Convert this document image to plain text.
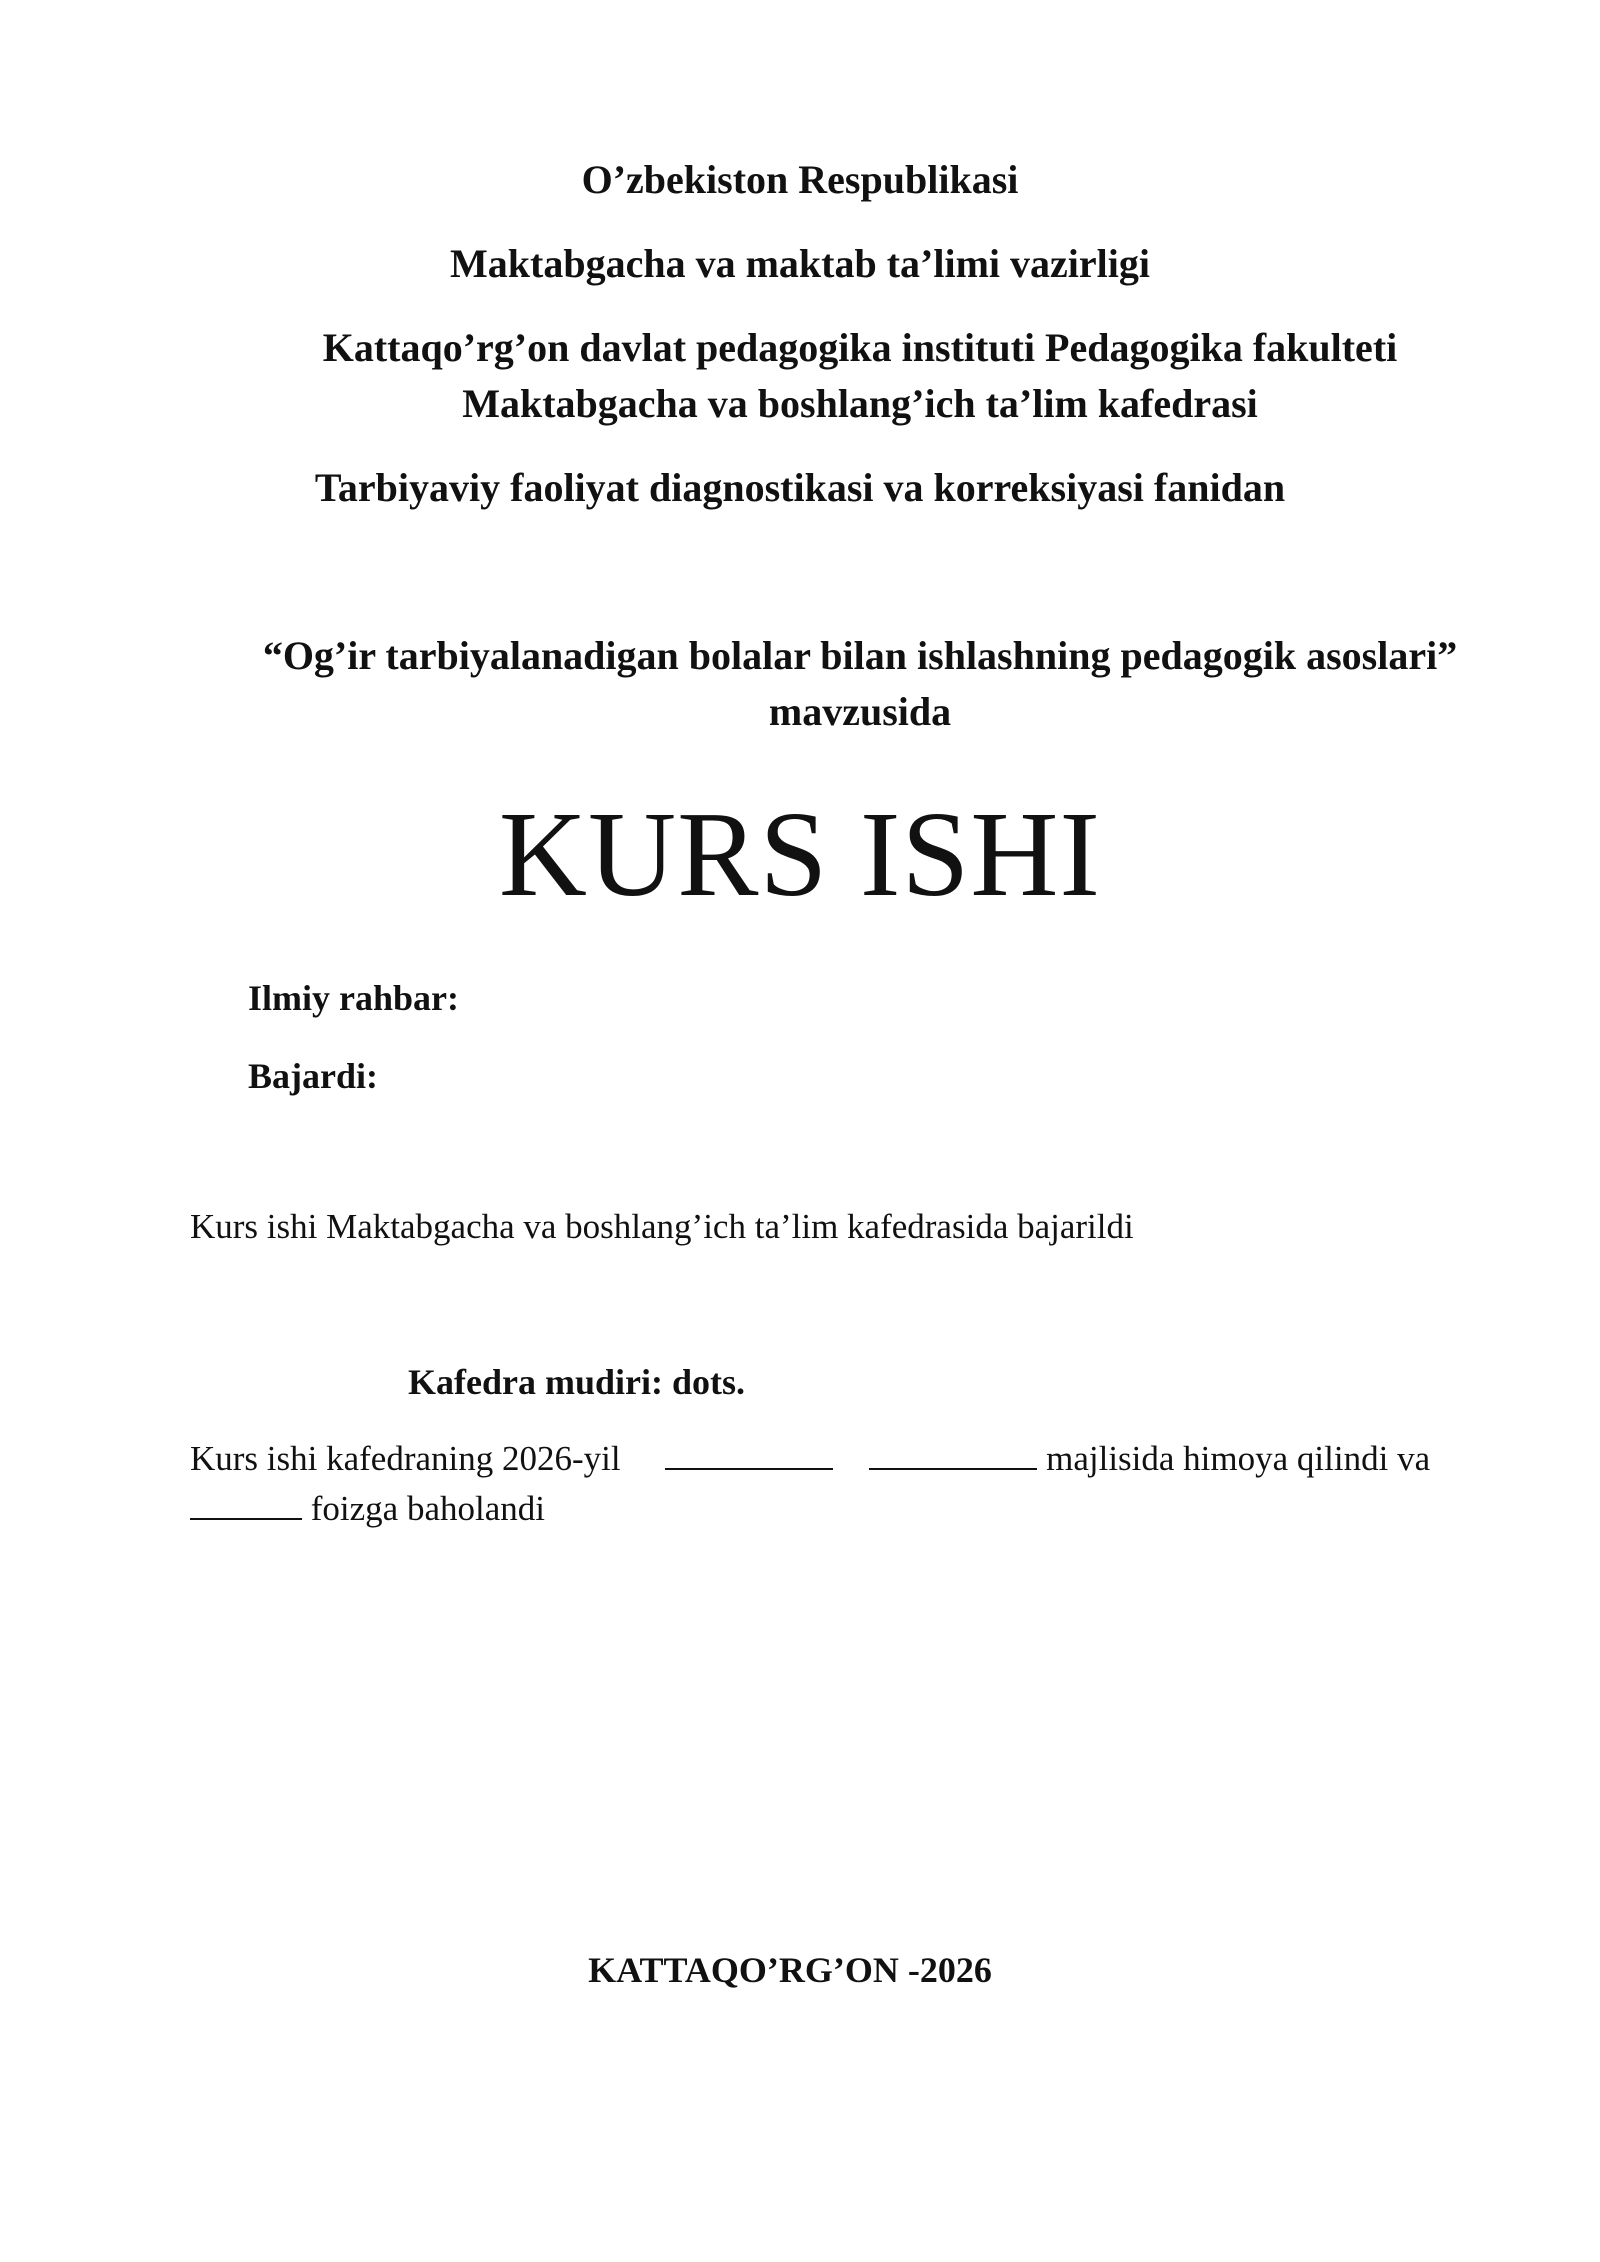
O’zbekiston Respublikasi
Maktabgacha va maktab ta’limi vazirligi
Kattaqo’rg’on davlat pedagogika instituti Pedagogika fakulteti
Maktabgacha va boshlang’ich ta’lim kafedrasi
Tarbiyaviy faoliyat diagnostikasi va korreksiyasi fanidan
“Og’ir tarbiyalanadigan bolalar bilan ishlashning pedagogik asoslari”
mavzusida
KURS ISHI
Ilmiy rahbar:
Bajardi:
Kurs ishi Maktabgacha va boshlang’ich ta’lim kafedrasida bajarildi
Kafedra mudiri: dots.
Kurs ishi kafedraning 2026-yil	majlisida himoya qilindi va
foizga baholandi
KATTAQO’RG’ON -2026
